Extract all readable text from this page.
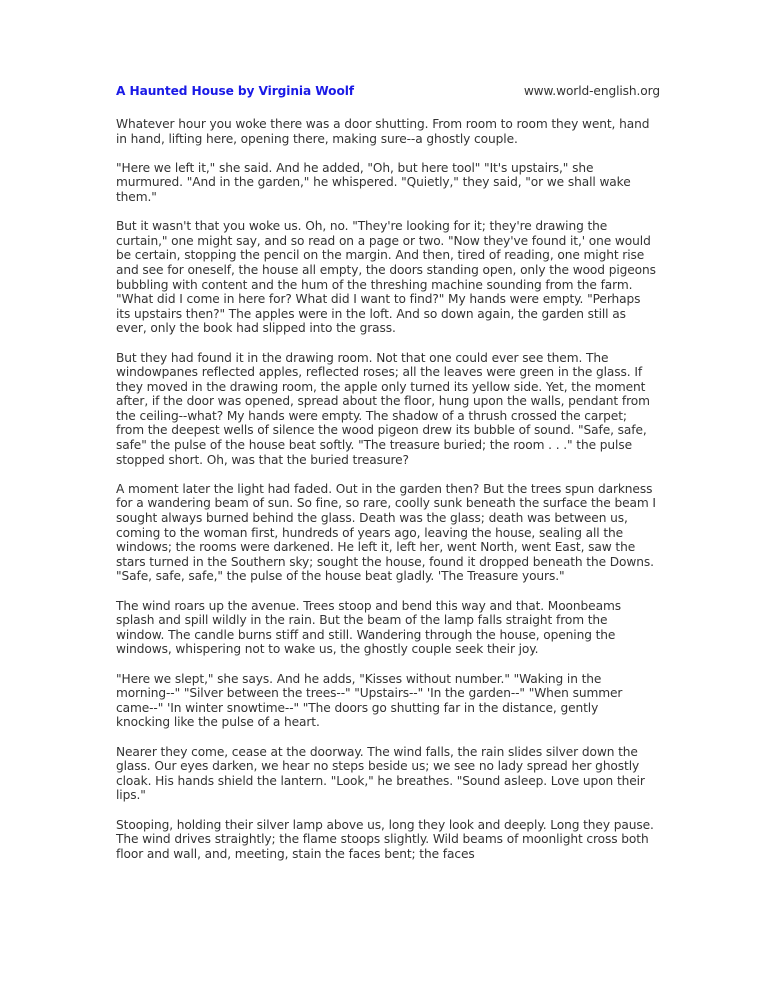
A Haunted House by Virginia Woolf	www.world-english.org

Whatever hour you woke there was a door shutting. From room to room they went, hand in hand, lifting here, opening there, making sure--a ghostly couple.

"Here we left it," she said. And he added, "Oh, but here tool" "It's upstairs," she murmured. "And in the garden," he whispered. "Quietly," they said, "or we shall wake them."

But it wasn't that you woke us. Oh, no. "They're looking for it; they're drawing the curtain," one might say, and so read on a page or two. "Now they've found it,' one would be certain, stopping the pencil on the margin. And then, tired of reading, one might rise and see for oneself, the house all empty, the doors standing open, only the wood pigeons bubbling with content and the hum of the threshing machine sounding from the farm. "What did I come in here for? What did I want to find?" My hands were empty. "Perhaps its upstairs then?" The apples were in the loft. And so down again, the garden still as ever, only the book had slipped into the grass.

But they had found it in the drawing room. Not that one could ever see them. The windowpanes reflected apples, reflected roses; all the leaves were green in the glass. If they moved in the drawing room, the apple only turned its yellow side. Yet, the moment after, if the door was opened, spread about the floor, hung upon the walls, pendant from the ceiling--what? My hands were empty. The shadow of a thrush crossed the carpet; from the deepest wells of silence the wood pigeon drew its bubble of sound. "Safe, safe, safe" the pulse of the house beat softly. "The treasure buried; the room . . ." the pulse stopped short. Oh, was that the buried treasure?

A moment later the light had faded. Out in the garden then? But the trees spun darkness for a wandering beam of sun. So fine, so rare, coolly sunk beneath the surface the beam I sought always burned behind the glass. Death was the glass; death was between us, coming to the woman first, hundreds of years ago, leaving the house, sealing all the windows; the rooms were darkened. He left it, left her, went North, went East, saw the stars turned in the Southern sky; sought the house, found it dropped beneath the Downs. "Safe, safe, safe," the pulse of the house beat gladly. 'The Treasure yours."

The wind roars up the avenue. Trees stoop and bend this way and that. Moonbeams splash and spill wildly in the rain. But the beam of the lamp falls straight from the window. The candle burns stiff and still. Wandering through the house, opening the windows, whispering not to wake us, the ghostly couple seek their joy.

"Here we slept," she says. And he adds, "Kisses without number." "Waking in the morning--" "Silver between the trees--" "Upstairs--" 'In the garden--" "When summer came--" 'In winter snowtime--" "The doors go shutting far in the distance, gently knocking like the pulse of a heart.

Nearer they come, cease at the doorway. The wind falls, the rain slides silver down the glass. Our eyes darken, we hear no steps beside us; we see no lady spread her ghostly cloak. His hands shield the lantern. "Look," he breathes. "Sound asleep. Love upon their lips."

Stooping, holding their silver lamp above us, long they look and deeply. Long they pause. The wind drives straightly; the flame stoops slightly. Wild beams of moonlight cross both floor and wall, and, meeting, stain the faces bent; the faces
